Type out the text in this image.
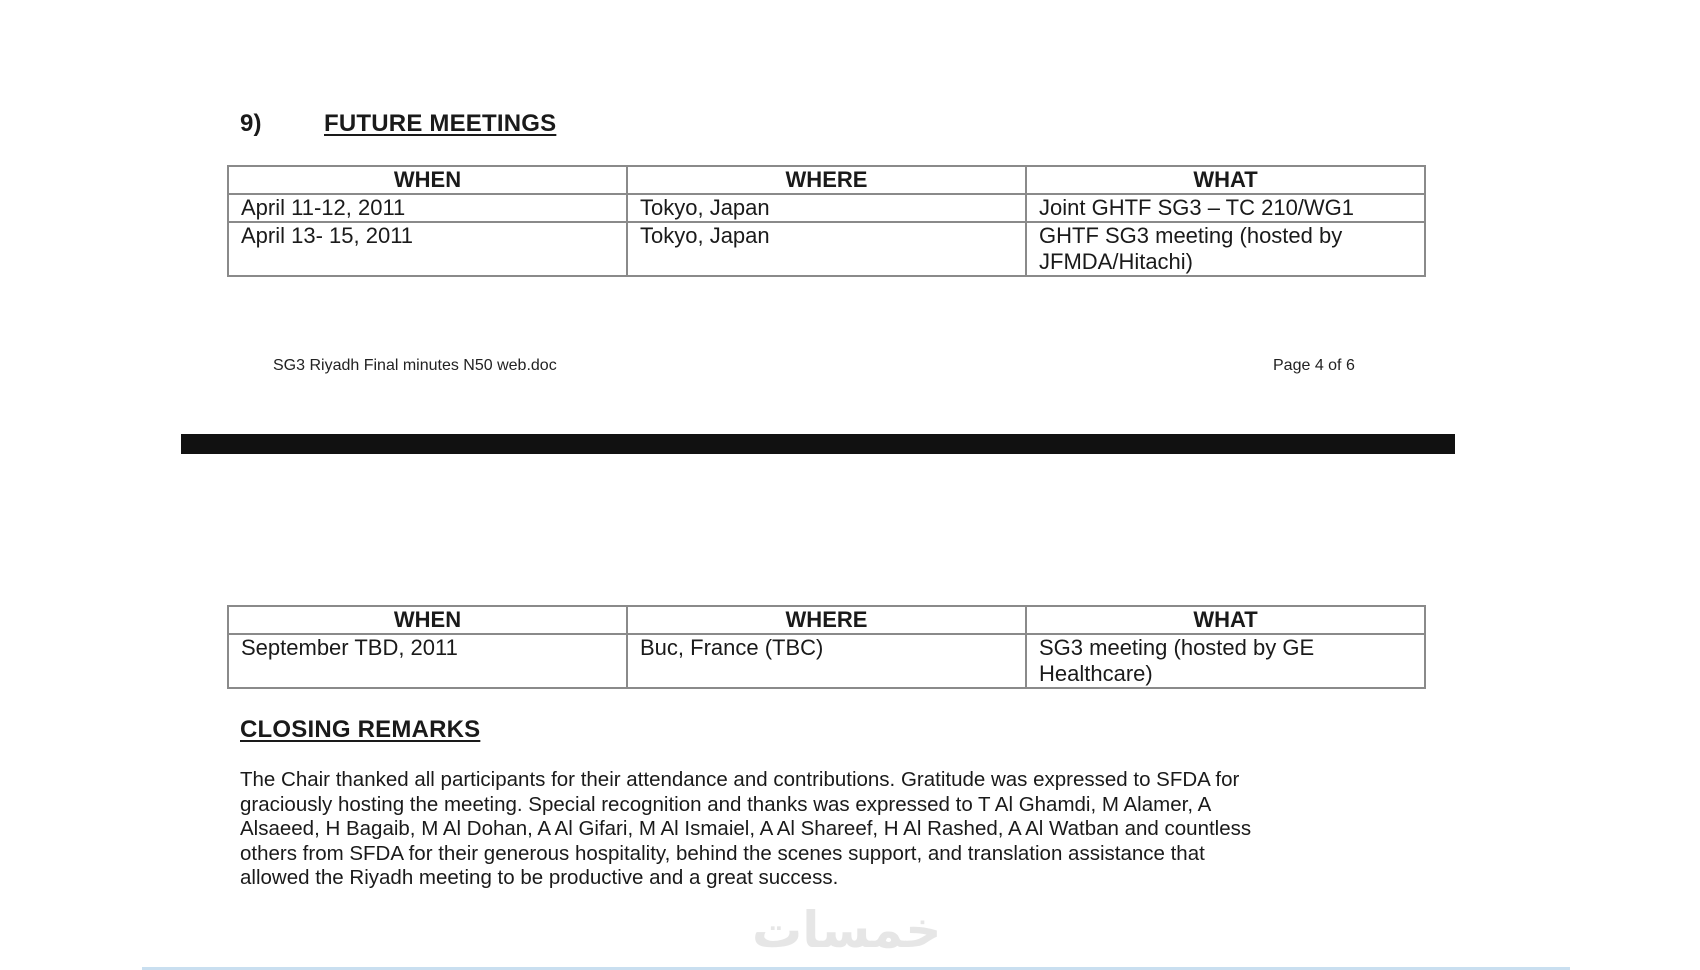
9)	FUTURE MEETINGS
WHEN	WHERE	WHAT
April 11-12, 2011	Tokyo, Japan	Joint GHTF SG3 – TC 210/WG1
April 13- 15, 2011	Tokyo, Japan	GHTF SG3 meeting (hosted by JFMDA/Hitachi)
SG3 Riyadh Final minutes N50 web.doc	Page 4 of 6
WHEN	WHERE	WHAT
September TBD, 2011	Buc, France (TBC)	SG3 meeting (hosted by GE Healthcare)
CLOSING REMARKS

The Chair thanked all participants for their attendance and contributions. Gratitude was expressed to SFDA for
graciously hosting the meeting. Special recognition and thanks was expressed to T Al Ghamdi, M Alamer, A
Alsaeed, H Bagaib, M Al Dohan, A Al Gifari, M Al Ismaiel, A Al Shareef, H Al Rashed, A Al Watban and countless
others from SFDA for their generous hospitality, behind the scenes support, and translation assistance that
allowed the Riyadh meeting to be productive and a great success.

خمسات
